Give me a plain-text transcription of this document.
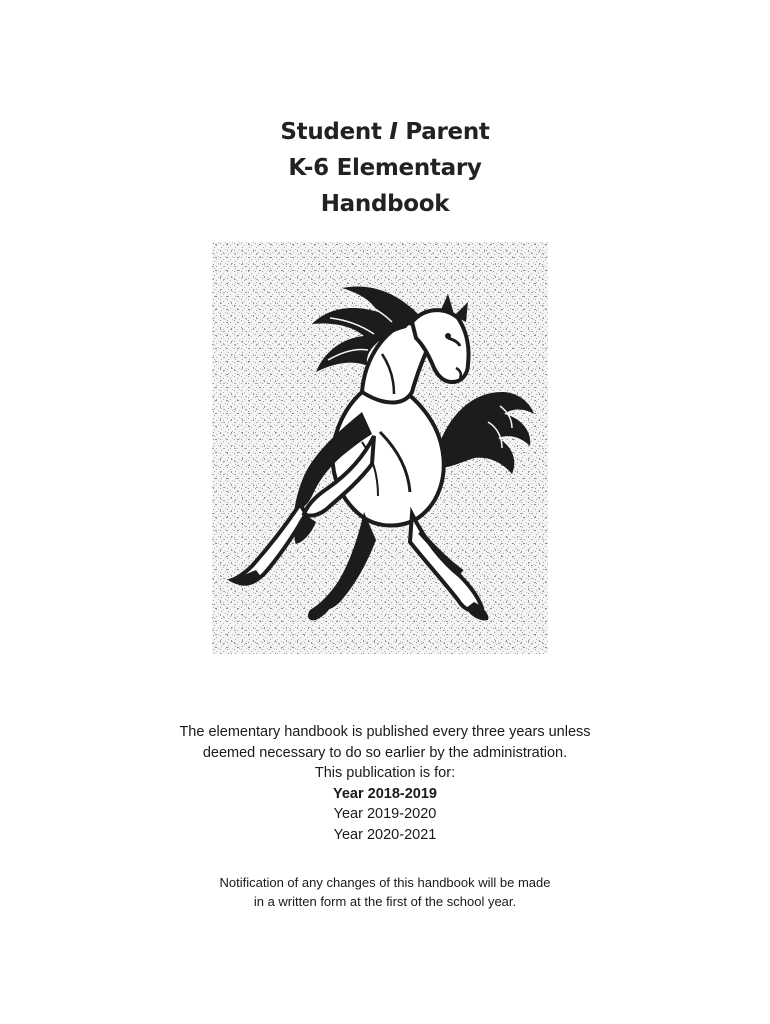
Student I Parent
K-6 Elementary
Handbook
The elementary handbook is published every three years unless
deemed necessary to do so earlier by the administration.
This publication is for:
Year 2018-2019
Year 2019-2020
Year 2020-2021
Notification of any changes of this handbook will be made
in a written form at the first of the school year.
